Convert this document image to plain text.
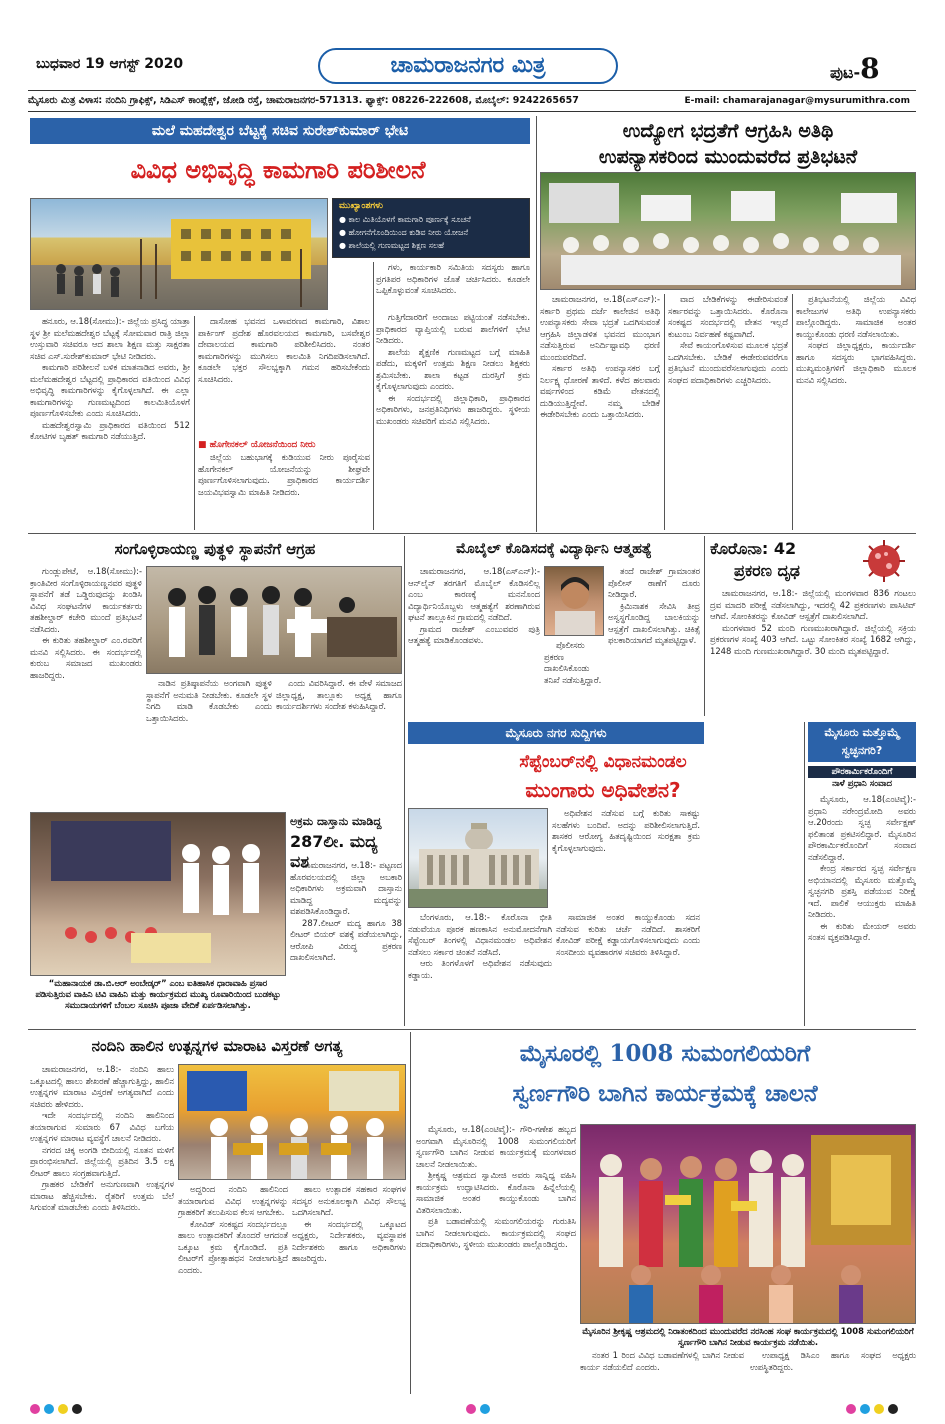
ಬುಧವಾರ 19 ಆಗಸ್ಟ್ 2020	ಚಾಮರಾಜನಗರ ಮಿತ್ರ	ಪುಟ-8
ಮೈಸೂರು ಮಿತ್ರ ವಿಳಾಸ: ನಂದಿನಿ ಗ್ರಾಫಿಕ್ಸ್, ಸಿಡಿಎಸ್ ಕಾಂಪ್ಲೆಕ್ಸ್, ಜೋಡಿ ರಸ್ತೆ, ಚಾಮರಾಜನಗರ-571313. ಫ್ಯಾಕ್ಸ್: 08226-222608, ಮೊಬೈಲ್: 9242265657	E-mail: chamarajanagar@mysurumithra.com
ಮಲೆ ಮಹದೇಶ್ವರ ಬೆಟ್ಟಕ್ಕೆ ಸಚಿವ ಸುರೇಶ್‌ಕುಮಾರ್ ಭೇಟಿ
ವಿವಿಧ ಅಭಿವೃದ್ಧಿ ಕಾಮಗಾರಿ ಪರಿಶೀಲನೆ
ಮುಖ್ಯಾಂಶಗಳು
● ಕಾಲ ಮಿತಿಯೊಳಗೆ ಕಾಮಗಾರಿ ಪೂರ್ಣಕ್ಕೆ ಸೂಚನೆ
● ಹೋಗನೆಗೊಂದಿಯಿಂದ ಕುಡಿವ ನೀರು ಯೋಜನೆ
● ಶಾಲೆಯಲ್ಲಿ ಗುಣಮಟ್ಟದ ಶಿಕ್ಷಣ ಸಲಹೆ

ಗಳು, ಕಾರ್ಯಕಾರಿ ಸಮಿತಿಯ ಸದಸ್ಯರು ಹಾಗೂ ಪ್ರಗತಿಪರ ಅಧಿಕಾರಿಗಳ ಜೊತೆ ಚರ್ಚಿಸಿದರು. ಕೂಡಲೇ ಒಪ್ಪಿಕೊಳ್ಳುವಂತೆ ಸೂಚಿಸಿದರು.

ಹನೂರು, ಆ.18(ಸೋಮು):- ಜಿಲ್ಲೆಯ ಪ್ರಸಿದ್ಧ ಯಾತ್ರಾ ಸ್ಥಳ ಶ್ರೀ ಮಲೆಮಹದೇಶ್ವರ ಬೆಟ್ಟಕ್ಕೆ ಸೋಮವಾರ ರಾತ್ರಿ ಜಿಲ್ಲಾ ಉಸ್ತುವಾರಿ ಸಚಿವರೂ ಆದ ಶಾಲಾ ಶಿಕ್ಷಣ ಮತ್ತು ಸಾಕ್ಷರತಾ ಸಚಿವ ಎಸ್.ಸುರೇಶ್‌ಕುಮಾರ್ ಭೇಟಿ ನೀಡಿದರು.

ಕಾಮಗಾರಿ ಪರಿಶೀಲನೆ ಬಳಿಕ ಮಾತನಾಡಿದ ಅವರು, ಶ್ರೀ ಮಲೆಮಹದೇಶ್ವರ ಬೆಟ್ಟದಲ್ಲಿ ಪ್ರಾಧಿಕಾರದ ವತಿಯಿಂದ ವಿವಿಧ ಅಭಿವೃದ್ಧಿ ಕಾಮಗಾರಿಗಳನ್ನು ಕೈಗೊಳ್ಳಲಾಗಿದೆ. ಈ ಎಲ್ಲಾ ಕಾಮಗಾರಿಗಳನ್ನು ಗುಣಮಟ್ಟದಿಂದ ಕಾಲಮಿತಿಯೊಳಗೆ ಪೂರ್ಣಗೊಳಿಸಬೇಕು ಎಂದು ಸೂಚಿಸಿದರು.

ಮಹದೇಶ್ವರಸ್ವಾಮಿ ಪ್ರಾಧಿಕಾರದ ವತಿಯಿಂದ 512 ಕೋಟಿಗಳ ಬೃಹತ್ ಕಾಮಗಾರಿ ನಡೆಯುತ್ತಿದೆ.

ದಾಸೋಹ ಭವನದ ಒಳಾವರಣದ ಕಾಮಗಾರಿ, ವಿಶಾಲ ಪಾರ್ಕಿಂಗ್ ಪ್ರದೇಶ ಹೊರವಲಯದ ಕಾಮಗಾರಿ, ಬಸವೇಶ್ವರ ದೇವಾಲಯದ ಕಾಮಗಾರಿ ಪರಿಶೀಲಿಸಿದರು. ನಂತರ ಕಾಮಗಾರಿಗಳನ್ನು ಮುಗಿಸಲು ಕಾಲಮಿತಿ ನಿಗದಿಪಡಿಸಲಾಗಿದೆ. ಕೂಡಲೇ ಭಕ್ತರ ಸೌಲಭ್ಯಕ್ಕಾಗಿ ಗಮನ ಹರಿಸಬೇಕೆಂದು ಸೂಚಿಸಿದರು.

■ ಹೊಗೇನಕಲ್ ಯೋಜನೆಯಿಂದ ನೀರು

ಜಿಲ್ಲೆಯ ಬಹುಭಾಗಕ್ಕೆ ಕುಡಿಯುವ ನೀರು ಪೂರೈಸುವ ಹೊಗೇನಕಲ್ ಯೋಜನೆಯನ್ನು ಶೀಘ್ರವೇ ಪೂರ್ಣಗೊಳಿಸಲಾಗುವುದು. ಪ್ರಾಧಿಕಾರದ ಕಾರ್ಯದರ್ಶಿ ಜಯವಿಭವಸ್ವಾಮಿ ಮಾಹಿತಿ ನೀಡಿದರು.

ಗುತ್ತಿಗೆದಾರರಿಗೆ ಅಂದಾಜು ಪಟ್ಟಿಯಂತೆ ನಡೆಸಬೇಕು. ಪ್ರಾಧಿಕಾರದ ವ್ಯಾಪ್ತಿಯಲ್ಲಿ ಬರುವ ಶಾಲೆಗಳಿಗೆ ಭೇಟಿ ನೀಡಿದರು.

ಶಾಲೆಯ ಶೈಕ್ಷಣಿಕ ಗುಣಮಟ್ಟದ ಬಗ್ಗೆ ಮಾಹಿತಿ ಪಡೆದು, ಮಕ್ಕಳಿಗೆ ಉತ್ತಮ ಶಿಕ್ಷಣ ನೀಡಲು ಶಿಕ್ಷಕರು ಶ್ರಮಿಸಬೇಕು. ಶಾಲಾ ಕಟ್ಟಡ ದುರಸ್ತಿಗೆ ಕ್ರಮ ಕೈಗೊಳ್ಳಲಾಗುವುದು ಎಂದರು.

ಈ ಸಂದರ್ಭದಲ್ಲಿ ಜಿಲ್ಲಾಧಿಕಾರಿ, ಪ್ರಾಧಿಕಾರದ ಅಧಿಕಾರಿಗಳು, ಜನಪ್ರತಿನಿಧಿಗಳು ಹಾಜರಿದ್ದರು. ಸ್ಥಳೀಯ ಮುಖಂಡರು ಸಚಿವರಿಗೆ ಮನವಿ ಸಲ್ಲಿಸಿದರು.

ಉದ್ಯೋಗ ಭದ್ರತೆಗೆ ಆಗ್ರಹಿಸಿ ಅತಿಥಿ
ಉಪನ್ಯಾಸಕರಿಂದ ಮುಂದುವರೆದ ಪ್ರತಿಭಟನೆ

ಚಾಮರಾಜನಗರ, ಆ.18(ಎಸ್‌ಎನ್):- ಸರ್ಕಾರಿ ಪ್ರಥಮ ದರ್ಜೆ ಕಾಲೇಜಿನ ಅತಿಥಿ ಉಪನ್ಯಾಸಕರು ಸೇವಾ ಭದ್ರತೆ ಒದಗಿಸುವಂತೆ ಆಗ್ರಹಿಸಿ ಜಿಲ್ಲಾಡಳಿತ ಭವನದ ಮುಂಭಾಗ ನಡೆಸುತ್ತಿರುವ ಅನಿರ್ದಿಷ್ಟಾವಧಿ ಧರಣಿ ಮುಂದುವರೆದಿದೆ.

ಸರ್ಕಾರ ಅತಿಥಿ ಉಪನ್ಯಾಸಕರ ಬಗ್ಗೆ ನಿರ್ಲಕ್ಷ್ಯ ಧೋರಣೆ ತಾಳಿದೆ. ಕಳೆದ ಹಲವಾರು ವರ್ಷಗಳಿಂದ ಕಡಿಮೆ ವೇತನದಲ್ಲಿ ದುಡಿಯುತ್ತಿದ್ದೇವೆ. ನಮ್ಮ ಬೇಡಿಕೆ ಈಡೇರಿಸಬೇಕು ಎಂದು ಒತ್ತಾಯಿಸಿದರು.

ವಾದ ಬೇಡಿಕೆಗಳನ್ನು ಈಡೇರಿಸುವಂತೆ ಸರ್ಕಾರವನ್ನು ಒತ್ತಾಯಿಸಿದರು. ಕೊರೊನಾ ಸಂಕಷ್ಟದ ಸಂದರ್ಭದಲ್ಲಿ ವೇತನ ಇಲ್ಲದೆ ಕುಟುಂಬ ನಿರ್ವಹಣೆ ಕಷ್ಟವಾಗಿದೆ.

ಸೇವೆ ಕಾಯಂಗೊಳಿಸುವ ಮೂಲಕ ಭದ್ರತೆ ಒದಗಿಸಬೇಕು. ಬೇಡಿಕೆ ಈಡೇರುವವರೆಗೂ ಪ್ರತಿಭಟನೆ ಮುಂದುವರೆಸಲಾಗುವುದು ಎಂದು ಸಂಘದ ಪದಾಧಿಕಾರಿಗಳು ಎಚ್ಚರಿಸಿದರು.

ಪ್ರತಿಭಟನೆಯಲ್ಲಿ ಜಿಲ್ಲೆಯ ವಿವಿಧ ಕಾಲೇಜುಗಳ ಅತಿಥಿ ಉಪನ್ಯಾಸಕರು ಪಾಲ್ಗೊಂಡಿದ್ದರು. ಸಾಮಾಜಿಕ ಅಂತರ ಕಾಯ್ದುಕೊಂಡು ಧರಣಿ ನಡೆಸಲಾಯಿತು.

ಸಂಘದ ಜಿಲ್ಲಾಧ್ಯಕ್ಷರು, ಕಾರ್ಯದರ್ಶಿ ಹಾಗೂ ಸದಸ್ಯರು ಭಾಗವಹಿಸಿದ್ದರು. ಮುಖ್ಯಮಂತ್ರಿಗಳಿಗೆ ಜಿಲ್ಲಾಧಿಕಾರಿ ಮೂಲಕ ಮನವಿ ಸಲ್ಲಿಸಿದರು.

ಸಂಗೊಳ್ಳಿರಾಯಣ್ಣ ಪುತ್ಥಳಿ ಸ್ಥಾಪನೆಗೆ ಆಗ್ರಹ

ಗುಂಡ್ಲುಪೇಟೆ, ಆ.18(ಸೋಮು):- ಕ್ರಾಂತಿವೀರ ಸಂಗೊಳ್ಳಿರಾಯಣ್ಣನವರ ಪುತ್ಥಳಿ ಸ್ಥಾಪನೆಗೆ ತಡೆ ಒಡ್ಡಿರುವುದನ್ನು ಖಂಡಿಸಿ ವಿವಿಧ ಸಂಘಟನೆಗಳ ಕಾರ್ಯಕರ್ತರು ತಹಶೀಲ್ದಾರ್ ಕಚೇರಿ ಮುಂದೆ ಪ್ರತಿಭಟನೆ ನಡೆಸಿದರು.

ಈ ಕುರಿತು ತಹಶೀಲ್ದಾರ್ ಎಂ.ರವರಿಗೆ ಮನವಿ ಸಲ್ಲಿಸಿದರು. ಈ ಸಂದರ್ಭದಲ್ಲಿ ಕುರುಬ ಸಮಾಜದ ಮುಖಂಡರು ಹಾಜರಿದ್ದರು.

ನಾಡಿನ ಪ್ರತಿಷ್ಠಾಪನೆಯ ಅಂಗವಾಗಿ ಪುತ್ಥಳಿ ಸ್ಥಾಪನೆಗೆ ಅನುಮತಿ ನೀಡಬೇಕು. ಕೂಡಲೇ ಸ್ಥಳ ನಿಗದಿ ಮಾಡಿ ಕೊಡಬೇಕು ಎಂದು ಒತ್ತಾಯಿಸಿದರು.

ಎಂದು ವಿವರಿಸಿದ್ದಾರೆ. ಈ ವೇಳೆ ಸಮಾಜದ ಜಿಲ್ಲಾಧ್ಯಕ್ಷ, ತಾಲ್ಲೂಕು ಅಧ್ಯಕ್ಷ ಹಾಗೂ ಕಾರ್ಯದರ್ಶಿಗಳು ಸಂದೇಶ ಕಳುಹಿಸಿದ್ದಾರೆ.

“ಮಹಾನಾಯಕ ಡಾ.ಬಿ.ಆರ್ ಅಂಬೇಡ್ಕರ್” ಎಂಬ ಐತಿಹಾಸಿಕ ಧಾರಾವಾಹಿ ಪ್ರಸಾರ ಪಡಿಸುತ್ತಿರುವ ವಾಹಿನಿ ಟಿವಿ ವಾಹಿನಿ ಮತ್ತು ಕಾರ್ಯಕ್ರಮದ ಮುಖ್ಯ ರೂವಾರಿಯಿಂದ ಬುಡಕಟ್ಟು ಸಮುದಾಯಗಳಿಗೆ ಬೆಂಬಲ ಸೂಚಿಸಿ ಪೂಜಾ ವೇದಿಕೆ ಏರ್ಪಡಿಸಲಾಗಿತ್ತು.
ಅಕ್ರಮ ದಾಸ್ತಾನು ಮಾಡಿದ್ದ
287ಲೀ. ಮದ್ಯ ವಶ

ಚಾಮರಾಜನಗರ, ಆ.18:- ಪಟ್ಟಣದ ಹೊರವಲಯದಲ್ಲಿ ಜಿಲ್ಲಾ ಅಬಕಾರಿ ಅಧಿಕಾರಿಗಳು ಅಕ್ರಮವಾಗಿ ದಾಸ್ತಾನು ಮಾಡಿದ್ದ ಮದ್ಯವನ್ನು ವಶಪಡಿಸಿಕೊಂಡಿದ್ದಾರೆ.

287.ಲೀಟರ್ ಮದ್ಯ ಹಾಗೂ 38 ಲೀಟರ್ ಬಿಯರ್ ವಶಕ್ಕೆ ಪಡೆಯಲಾಗಿದ್ದು, ಆರೋಪಿ ವಿರುದ್ಧ ಪ್ರಕರಣ ದಾಖಲಿಸಲಾಗಿದೆ.

ಮೊಬೈಲ್ ಕೊಡಿಸದಕ್ಕೆ ವಿದ್ಯಾರ್ಥಿನಿ ಆತ್ಮಹತ್ಯೆ

ಚಾಮರಾಜನಗರ, ಆ.18(ಎಸ್‌ಎನ್):- ಆನ್‌ಲೈನ್ ತರಗತಿಗೆ ಮೊಬೈಲ್ ಕೊಡಿಸಲಿಲ್ಲ ಎಂಬ ಕಾರಣಕ್ಕೆ ಮನನೊಂದ ವಿದ್ಯಾರ್ಥಿನಿಯೊಬ್ಬಳು ಆತ್ಮಹತ್ಯೆಗೆ ಶರಣಾಗಿರುವ ಘಟನೆ ತಾಲ್ಲೂಕಿನ ಗ್ರಾಮದಲ್ಲಿ ನಡೆದಿದೆ.

ಗ್ರಾಮದ ರಾಜೇಶ್ ಎಂಬುವವರ ಪುತ್ರಿ ಆತ್ಮಹತ್ಯೆ ಮಾಡಿಕೊಂಡವಳು.

ತಂದೆ ರಾಜೇಶ್ ಗ್ರಾಮಾಂತರ ಪೊಲೀಸ್ ಠಾಣೆಗೆ ದೂರು ನೀಡಿದ್ದಾರೆ.

ಕ್ರಿಮಿನಾಶಕ ಸೇವಿಸಿ ತೀವ್ರ ಅಸ್ವಸ್ಥಗೊಂಡಿದ್ದ ಬಾಲಕಿಯನ್ನು ಆಸ್ಪತ್ರೆಗೆ ದಾಖಲಿಸಲಾಗಿತ್ತು. ಚಿಕಿತ್ಸೆ ಫಲಕಾರಿಯಾಗದೆ ಮೃತಪಟ್ಟಿದ್ದಾಳೆ.

ಪೊಲೀಸರು ಪ್ರಕರಣ ದಾಖಲಿಸಿಕೊಂಡು ತನಿಖೆ ನಡೆಸುತ್ತಿದ್ದಾರೆ.

ಕೊರೊನಾ: 42
ಪ್ರಕರಣ ದೃಢ

ಚಾಮರಾಜನಗರ, ಆ.18:- ಜಿಲ್ಲೆಯಲ್ಲಿ ಮಂಗಳವಾರ 836 ಗಂಟಲು ದ್ರವ ಮಾದರಿ ಪರೀಕ್ಷೆ ನಡೆಸಲಾಗಿದ್ದು, ಇದರಲ್ಲಿ 42 ಪ್ರಕರಣಗಳು ಪಾಸಿಟಿವ್ ಆಗಿವೆ. ಸೋಂಕಿತರನ್ನು ಕೋವಿಡ್ ಆಸ್ಪತ್ರೆಗೆ ದಾಖಲಿಸಲಾಗಿದೆ.

ಮಂಗಳವಾರ 52 ಮಂದಿ ಗುಣಮುಖರಾಗಿದ್ದಾರೆ. ಜಿಲ್ಲೆಯಲ್ಲಿ ಸಕ್ರಿಯ ಪ್ರಕರಣಗಳ ಸಂಖ್ಯೆ 403 ಆಗಿದೆ. ಒಟ್ಟು ಸೋಂಕಿತರ ಸಂಖ್ಯೆ 1682 ಆಗಿದ್ದು, 1248 ಮಂದಿ ಗುಣಮುಖರಾಗಿದ್ದಾರೆ. 30 ಮಂದಿ ಮೃತಪಟ್ಟಿದ್ದಾರೆ.

ಮೈಸೂರು ನಗರ ಸುದ್ದಿಗಳು
ಸೆಪ್ಟೆಂಬರ್‌ನಲ್ಲಿ ವಿಧಾನಮಂಡಲ
ಮುಂಗಾರು ಅಧಿವೇಶನ?

ಅಧಿವೇಶನ ನಡೆಸುವ ಬಗ್ಗೆ ಕುರಿತು ಸಾಕಷ್ಟು ಸಲಹೆಗಳು ಬಂದಿವೆ. ಅದನ್ನು ಪರಿಶೀಲಿಸಲಾಗುತ್ತಿದೆ. ಶಾಸಕರ ಆರೋಗ್ಯ ಹಿತದೃಷ್ಟಿಯಿಂದ ಸುರಕ್ಷತಾ ಕ್ರಮ ಕೈಗೊಳ್ಳಲಾಗುವುದು.

ಬೆಂಗಳೂರು, ಆ.18:- ಕೊರೊನಾ ಭೀತಿ ನಡುವೆಯೂ ಪೂರಕ ಹಣಕಾಸಿನ ಅನುಮೋದನೆಗಾಗಿ ಸೆಪ್ಟೆಂಬರ್ ತಿಂಗಳಲ್ಲಿ ವಿಧಾನಮಂಡಲ ಅಧಿವೇಶನ ನಡೆಸಲು ಸರ್ಕಾರ ಚಿಂತನೆ ನಡೆಸಿದೆ.

ಆರು ತಿಂಗಳೊಳಗೆ ಅಧಿವೇಶನ ನಡೆಸುವುದು ಕಡ್ಡಾಯ.

ಸಾಮಾಜಿಕ ಅಂತರ ಕಾಯ್ದುಕೊಂಡು ಸದನ ನಡೆಸುವ ಕುರಿತು ಚರ್ಚೆ ನಡೆದಿದೆ. ಶಾಸಕರಿಗೆ ಕೋವಿಡ್ ಪರೀಕ್ಷೆ ಕಡ್ಡಾಯಗೊಳಿಸಲಾಗುವುದು ಎಂದು ಸಂಸದೀಯ ವ್ಯವಹಾರಗಳ ಸಚಿವರು ತಿಳಿಸಿದ್ದಾರೆ.

ಮೈಸೂರು ಮತ್ತೊಮ್ಮೆ
ಸ್ವಚ್ಛನಗರಿ?
ಪೌರಕಾರ್ಮಿಕರೊಂದಿಗೆ
ನಾಳೆ ಪ್ರಧಾನಿ ಸಂವಾದ

ಮೈಸೂರು, ಆ.18(ಎಂಟಿವೈ):- ಪ್ರಧಾನಿ ನರೇಂದ್ರಮೋದಿ ಅವರು ಆ.20ರಂದು ಸ್ವಚ್ಛ ಸರ್ವೇಕ್ಷಣ್ ಫಲಿತಾಂಶ ಪ್ರಕಟಿಸಲಿದ್ದಾರೆ. ಮೈಸೂರಿನ ಪೌರಕಾರ್ಮಿಕರೊಂದಿಗೆ ಸಂವಾದ ನಡೆಸಲಿದ್ದಾರೆ.

ಕೇಂದ್ರ ಸರ್ಕಾರದ ಸ್ವಚ್ಛ ಸರ್ವೇಕ್ಷಣ ಅಭಿಯಾನದಲ್ಲಿ ಮೈಸೂರು ಮತ್ತೊಮ್ಮೆ ಸ್ವಚ್ಛನಗರಿ ಪ್ರಶಸ್ತಿ ಪಡೆಯುವ ನಿರೀಕ್ಷೆ ಇದೆ. ಪಾಲಿಕೆ ಆಯುಕ್ತರು ಮಾಹಿತಿ ನೀಡಿದರು.

ಈ ಕುರಿತು ಮೇಯರ್ ಅವರು ಸಂತಸ ವ್ಯಕ್ತಪಡಿಸಿದ್ದಾರೆ.

ನಂದಿನಿ ಹಾಲಿನ ಉತ್ಪನ್ನಗಳ ಮಾರಾಟ ವಿಸ್ತರಣೆ ಅಗತ್ಯ

ಚಾಮರಾಜನಗರ, ಆ.18:- ನಂದಿನಿ ಹಾಲು ಒಕ್ಕೂಟದಲ್ಲಿ ಹಾಲು ಶೇಖರಣೆ ಹೆಚ್ಚಾಗುತ್ತಿದ್ದು, ಹಾಲಿನ ಉತ್ಪನ್ನಗಳ ಮಾರಾಟ ವಿಸ್ತರಣೆ ಅಗತ್ಯವಾಗಿದೆ ಎಂದು ಸಚಿವರು ಹೇಳಿದರು.

ಇದೇ ಸಂದರ್ಭದಲ್ಲಿ ನಂದಿನಿ ಹಾಲಿನಿಂದ ತಯಾರಾಗುವ ಸುಮಾರು 67 ವಿವಿಧ ಬಗೆಯ ಉತ್ಪನ್ನಗಳ ಮಾರಾಟ ವ್ಯವಸ್ಥೆಗೆ ಚಾಲನೆ ನೀಡಿದರು.

ನಗರದ ಚಿಕ್ಕ ಅಂಗಡಿ ಬೀದಿಯಲ್ಲಿ ನೂತನ ಮಳಿಗೆ ಪ್ರಾರಂಭಿಸಲಾಗಿದೆ. ಜಿಲ್ಲೆಯಲ್ಲಿ ಪ್ರತಿದಿನ 3.5 ಲಕ್ಷ ಲೀಟರ್ ಹಾಲು ಸಂಗ್ರಹವಾಗುತ್ತಿದೆ.

ಗ್ರಾಹಕರ ಬೇಡಿಕೆಗೆ ಅನುಗುಣವಾಗಿ ಉತ್ಪನ್ನಗಳ ಮಾರಾಟ ಹೆಚ್ಚಿಸಬೇಕು. ರೈತರಿಗೆ ಉತ್ತಮ ಬೆಲೆ ಸಿಗುವಂತೆ ಮಾಡಬೇಕು ಎಂದು ತಿಳಿಸಿದರು.

ಅದ್ದರಿಂದ ನಂದಿನಿ ಹಾಲಿನಿಂದ ತಯಾರಾಗುವ ವಿವಿಧ ಉತ್ಪನ್ನಗಳನ್ನು ಗ್ರಾಹಕರಿಗೆ ತಲುಪಿಸುವ ಕೆಲಸ ಆಗಬೇಕು.

ಕೋವಿಡ್ ಸಂಕಷ್ಟದ ಸಂದರ್ಭದಲ್ಲೂ ಹಾಲು ಉತ್ಪಾದಕರಿಗೆ ತೊಂದರೆ ಆಗದಂತೆ ಒಕ್ಕೂಟ ಕ್ರಮ ಕೈಗೊಂಡಿದೆ. ಪ್ರತಿ ಲೀಟರ್‌ಗೆ ಪ್ರೋತ್ಸಾಹಧನ ನೀಡಲಾಗುತ್ತಿದೆ ಎಂದರು.

ಹಾಲು ಉತ್ಪಾದಕ ಸಹಕಾರ ಸಂಘಗಳ ಸದಸ್ಯರ ಅನುಕೂಲಕ್ಕಾಗಿ ವಿವಿಧ ಸೌಲಭ್ಯ ಒದಗಿಸಲಾಗಿದೆ.

ಈ ಸಂದರ್ಭದಲ್ಲಿ ಒಕ್ಕೂಟದ ಅಧ್ಯಕ್ಷರು, ನಿರ್ದೇಶಕರು, ವ್ಯವಸ್ಥಾಪಕ ನಿರ್ದೇಶಕರು ಹಾಗೂ ಅಧಿಕಾರಿಗಳು ಹಾಜರಿದ್ದರು.

ಮೈಸೂರಲ್ಲಿ 1008 ಸುಮಂಗಲಿಯರಿಗೆ
ಸ್ವರ್ಣಗೌರಿ ಬಾಗಿನ ಕಾರ್ಯಕ್ರಮಕ್ಕೆ ಚಾಲನೆ

ಮೈಸೂರು, ಆ.18(ಎಂಟಿವೈ):- ಗೌರಿ-ಗಣೇಶ ಹಬ್ಬದ ಅಂಗವಾಗಿ ಮೈಸೂರಿನಲ್ಲಿ 1008 ಸುಮಂಗಲಿಯರಿಗೆ ಸ್ವರ್ಣಗೌರಿ ಬಾಗಿನ ನೀಡುವ ಕಾರ್ಯಕ್ರಮಕ್ಕೆ ಮಂಗಳವಾರ ಚಾಲನೆ ನೀಡಲಾಯಿತು.

ಶ್ರೀಕೃಷ್ಣ ಆಶ್ರಮದ ಸ್ವಾಮೀಜಿ ಅವರು ಸಾನ್ನಿಧ್ಯ ವಹಿಸಿ ಕಾರ್ಯಕ್ರಮ ಉದ್ಘಾಟಿಸಿದರು. ಕೊರೊನಾ ಹಿನ್ನೆಲೆಯಲ್ಲಿ ಸಾಮಾಜಿಕ ಅಂತರ ಕಾಯ್ದುಕೊಂಡು ಬಾಗಿನ ವಿತರಿಸಲಾಯಿತು.

ಪ್ರತಿ ಬಡಾವಣೆಯಲ್ಲಿ ಸುಮಂಗಲಿಯರನ್ನು ಗುರುತಿಸಿ ಬಾಗಿನ ನೀಡಲಾಗುವುದು. ಕಾರ್ಯಕ್ರಮದಲ್ಲಿ ಸಂಘದ ಪದಾಧಿಕಾರಿಗಳು, ಸ್ಥಳೀಯ ಮುಖಂಡರು ಪಾಲ್ಗೊಂಡಿದ್ದರು.

ಮೈಸೂರಿನ ಶ್ರೀಕೃಷ್ಣ ಆಶ್ರಮದಲ್ಲಿ ನಿರಾತಂಕದಿಂದ ಮುಂದುವರೆದ ನರಸಿಂಹ ಸಂಘ ಕಾರ್ಯಕ್ರಮದಲ್ಲಿ 1008 ಸುಮಂಗಲಿಯರಿಗೆ ಸ್ವರ್ಣಗೌರಿ ಬಾಗಿನ ನೀಡುವ ಕಾರ್ಯಕ್ರಮ ನಡೆಯಿತು.

ನಂತರ 1 ರಿಂದ ವಿವಿಧ ಬಡಾವಣೆಗಳಲ್ಲಿ ಬಾಗಿನ ನೀಡುವ ಕಾರ್ಯ ನಡೆಯಲಿದೆ ಎಂದರು.

ಉಪಾಧ್ಯಕ್ಷ ಡಿಸಿಎಂ ಹಾಗೂ ಸಂಘದ ಅಧ್ಯಕ್ಷರು ಉಪಸ್ಥಿತರಿದ್ದರು.
